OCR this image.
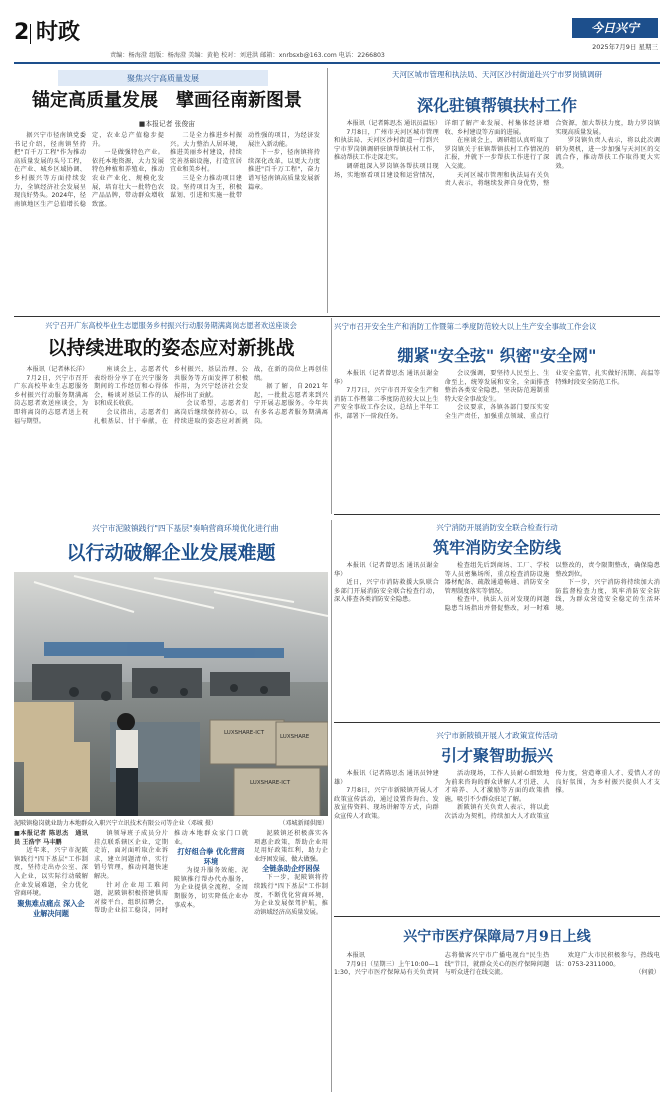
2 时政
责编：杨海澄 组版：杨海澄 美编：黄艳 校对：刘进洪 邮箱：xnrbsxb@163.com 电话：2266803
今日兴宁
2025年7月9日 星期三
聚焦兴宁高质量发展
锚定高质量发展　擘画径南新图景
■本报记者 张俊宙

据兴宁市径南镇党委书记介绍，径南镇坚持把"百千万工程"作为推动高质量发展的头号工程，在产业、城乡区域协调、乡村振兴等方面持续发力，全镇经济社会发展呈现良好势头。2024年，径南镇地区生产总值增长稳定，农业总产值稳步提升。

一是做强特色产业。依托本地资源，大力发展特色种植和养殖业，推动农业产业化、规模化发展，培育壮大一批特色农产品品牌，带动群众增收致富。

二是全力推进乡村振兴。大力整治人居环境，推进美丽乡村建设，持续完善基础设施，打造宜居宜业和美乡村。

三是全力推动项目建设。坚持项目为王，积极谋划、引进和实施一批带动性强的项目，为经济发展注入新动能。

下一步，径南镇将持续深化改革，以更大力度推进"百千万工程"，奋力谱写径南镇高质量发展新篇章。

天河区城市管理和执法局、天河区沙村街道赴兴宁市罗岗镇调研
深化驻镇帮镇扶村工作

本报讯（记者陈思杰 通讯员温钰）

7月8日，广州市天河区城市管理和执法局、天河区沙村街道一行到兴宁市罗岗镇调研驻镇帮镇扶村工作，推动帮扶工作走深走实。

调研组深入罗岗镇各帮扶项目现场，实地察看项目建设和运营情况，详细了解产业发展、村集体经济增收、乡村建设等方面的进展。

在座谈会上，调研组认真听取了罗岗镇关于驻镇帮镇扶村工作情况的汇报，并就下一步帮扶工作进行了深入交流。

天河区城市管理和执法局有关负责人表示，将继续发挥自身优势，整合资源，加大帮扶力度，助力罗岗镇实现高质量发展。

罗岗镇负责人表示，将以此次调研为契机，进一步加强与天河区的交流合作，推动帮扶工作取得更大实效。

兴宁召开广东高校毕业生志愿服务乡村振兴行动服务期满离岗志愿者欢送座谈会
以持续进取的姿态应对新挑战

本报讯（记者林长洋）

7月2日，兴宁市召开广东高校毕业生志愿服务乡村振兴行动服务期满离岗志愿者欢送座谈会，为即将离岗的志愿者送上祝福与期望。

座谈会上，志愿者代表纷纷分享了在兴宁服务期间的工作经历和心得体会，畅谈对基层工作的认识和成长收获。

会议指出，志愿者们扎根基层、甘于奉献，在乡村振兴、基层治理、公共服务等方面发挥了积极作用，为兴宁经济社会发展作出了贡献。

会议希望，志愿者们离岗后继续保持初心，以持续进取的姿态应对新挑战，在新的岗位上再创佳绩。

据了解，自2021年起，一批批志愿者来到兴宁开展志愿服务。今年共有多名志愿者服务期满离岗。

兴宁市召开安全生产和消防工作暨第二季度防范较大以上生产安全事故工作会议
绷紧"安全弦" 织密"安全网"

本报讯（记者曾思杰 通讯员谢金华）

7月7日，兴宁市召开安全生产和消防工作暨第二季度防范较大以上生产安全事故工作会议，总结上半年工作，部署下一阶段任务。

会议强调，要坚持人民至上、生命至上，统筹发展和安全，全面排查整治各类安全隐患，坚决防范遏制重特大安全事故发生。

会议要求，各镇各部门要压实安全生产责任，加强重点领域、重点行业安全监管，扎实做好汛期、高温等特殊时段安全防范工作。

兴宁市泥陂镇践行"四下基层"奏响营商环境优化进行曲
以行动破解企业发展难题
LUXSHARE-ICT
LUXSHARE-ICT
LUXSHARE
泥陂镇稳岗就业助力本地群众入职兴宁立讯技术有限公司等企业（邓城 摄）	（邓城新闻供图）

■本报记者 陈思杰　通讯员 王浩宇 马丰鹏

近年来，兴宁市泥陂镇践行"四下基层"工作制度，坚持走出办公室、深入企业，以实际行动破解企业发展难题，全力优化营商环境。

聚焦难点痛点 深入企业解决问题

镇领导班子成员分片挂点联系辖区企业，定期走访，面对面听取企业诉求，建立问题清单，实行销号管理，推动问题快速解决。

针对企业用工难问题，泥陂镇积极搭建供需对接平台，组织招聘会，帮助企业招工稳岗，同时推动本地群众家门口就业。

打好组合拳 优化营商环境

为提升服务效能，泥陂镇推行帮办代办服务，为企业提供全流程、全周期服务，切实降低企业办事成本。

泥陂镇还积极落实各项惠企政策，帮助企业用足用好政策红利，助力企业纾困发展、做大做强。

全链条助企纾困保

下一步，泥陂镇将持续践行"四下基层"工作制度，不断优化营商环境，为企业发展保驾护航，推动镇域经济高质量发展。

兴宁消防开展消防安全联合检查行动
筑牢消防安全防线

本报讯（记者曾思杰 通讯员谢金华）

近日，兴宁市消防救援大队联合多部门开展消防安全联合检查行动，深入排查各类消防安全隐患。

检查组先后到商场、工厂、学校等人员密集场所，重点检查消防设施器材配备、疏散通道畅通、消防安全管理制度落实等情况。

检查中，执法人员对发现的问题隐患当场指出并督促整改，对一时难以整改的，责令限期整改，确保隐患整改到位。

下一步，兴宁消防将持续加大消防监督检查力度，筑牢消防安全防线，为群众营造安全稳定的生活环境。

兴宁市新陂镇开展人才政策宣传活动
引才聚智助振兴

本报讯（记者陈思杰 通讯员钟建雄）

7月8日，兴宁市新陂镇开展人才政策宣传活动，通过设置咨询台、发放宣传资料、现场讲解等方式，向群众宣传人才政策。

活动现场，工作人员耐心细致地为前来咨询的群众讲解人才引进、人才培养、人才激励等方面的政策措施，吸引不少群众驻足了解。

新陂镇有关负责人表示，将以此次活动为契机，持续加大人才政策宣传力度，营造尊重人才、爱惜人才的良好氛围，为乡村振兴提供人才支撑。

兴宁市医疗保障局7月9日上线

本报讯

7月9日（星期三）上午10:00—11:30，兴宁市医疗保障局有关负责同志将做客兴宁市广播电视台"民生热线"节目，就群众关心的医疗保障问题与听众进行在线交流。

欢迎广大市民积极参与，热线电话：0753-2311000。

（何毅）
